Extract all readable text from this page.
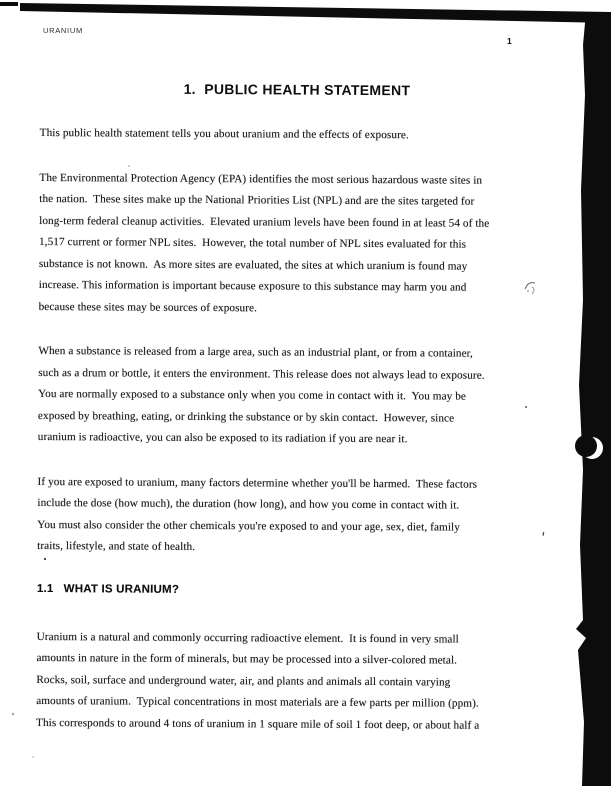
URANIUM
1
1.  PUBLIC HEALTH STATEMENT

This public health statement tells you about uranium and the effects of exposure.

The Environmental Protection Agency (EPA) identifies the most serious hazardous waste sites in
the nation.  These sites make up the National Priorities List (NPL) and are the sites targeted for
long-term federal cleanup activities.  Elevated uranium levels have been found in at least 54 of the
1,517 current or former NPL sites.  However, the total number of NPL sites evaluated for this
substance is not known.  As more sites are evaluated, the sites at which uranium is found may
increase. This information is important because exposure to this substance may harm you and
because these sites may be sources of exposure.

When a substance is released from a large area, such as an industrial plant, or from a container,
such as a drum or bottle, it enters the environment. This release does not always lead to exposure.
You are normally exposed to a substance only when you come in contact with it.  You may be
exposed by breathing, eating, or drinking the substance or by skin contact.  However, since
uranium is radioactive, you can also be exposed to its radiation if you are near it.

If you are exposed to uranium, many factors determine whether you'll be harmed.  These factors
include the dose (how much), the duration (how long), and how you come in contact with it.
You must also consider the other chemicals you're exposed to and your age, sex, diet, family
traits, lifestyle, and state of health.

1.1   WHAT IS URANIUM?

Uranium is a natural and commonly occurring radioactive element.  It is found in very small
amounts in nature in the form of minerals, but may be processed into a silver-colored metal.
Rocks, soil, surface and underground water, air, and plants and animals all contain varying
amounts of uranium.  Typical concentrations in most materials are a few parts per million (ppm).
This corresponds to around 4 tons of uranium in 1 square mile of soil 1 foot deep, or about half a
